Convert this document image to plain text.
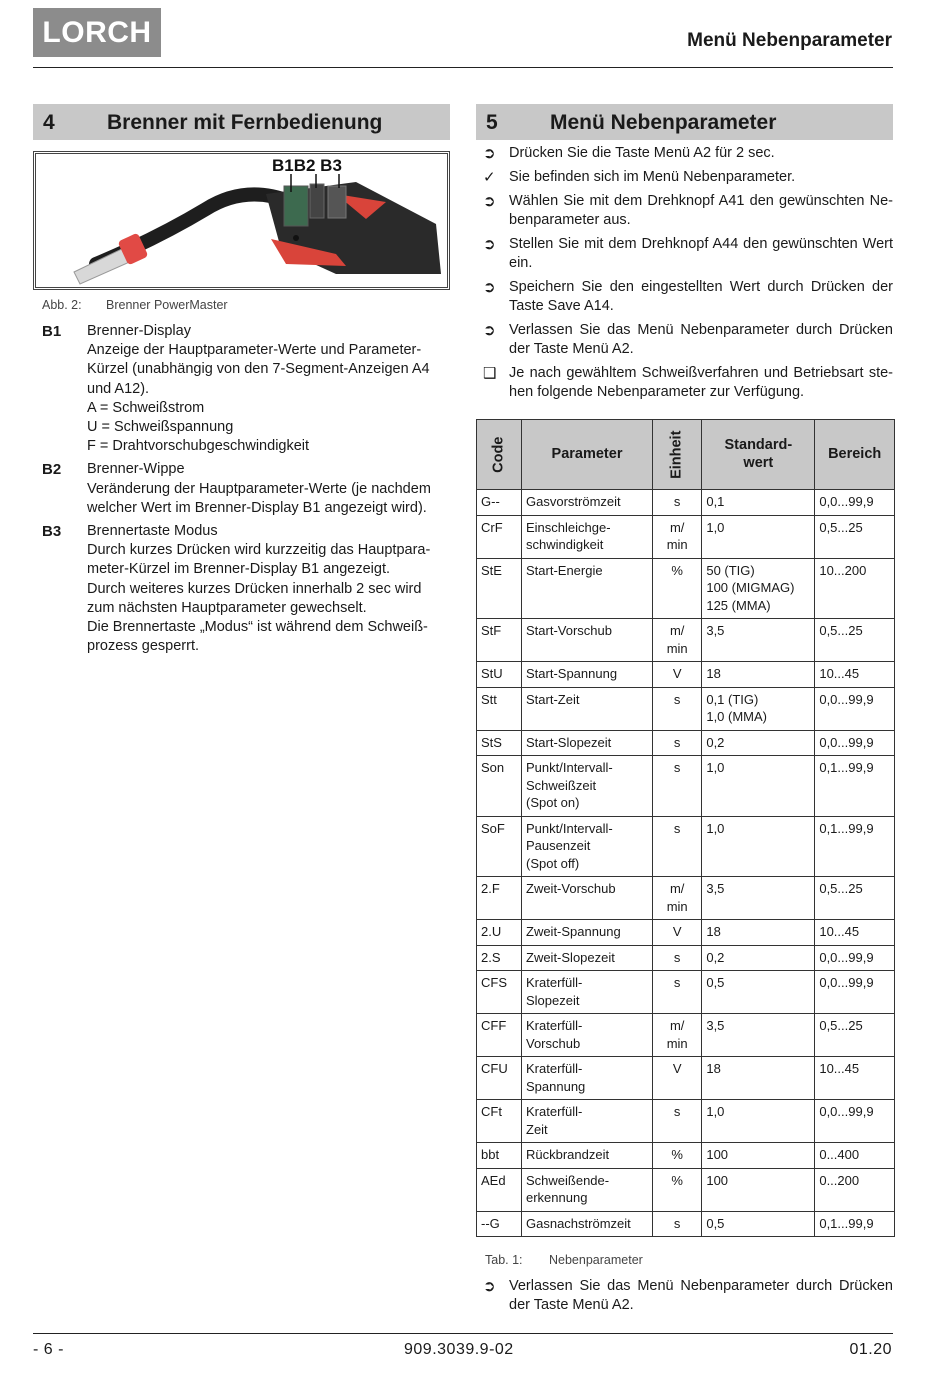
LORCH	Menü Nebenparameter
4 Brenner mit Fernbedienung
B1B2 B3
Abb. 2: Brenner PowerMaster
B1 Brenner-Display
Anzeige der Hauptparameter-Werte und Parameter-
Kürzel (unabhängig von den 7-Segment-Anzeigen A4
und A12).
A = Schweißstrom
U = Schweißspannung
F = Drahtvorschubgeschwindigkeit
B2 Brenner-Wippe
Veränderung der Hauptparameter-Werte (je nachdem
welcher Wert im Brenner-Display B1 angezeigt wird).
B3 Brennertaste Modus
Durch kurzes Drücken wird kurzzeitig das Hauptpara-
meter-Kürzel im Brenner-Display B1 angezeigt.
Durch weiteres kurzes Drücken innerhalb 2 sec wird
zum nächsten Hauptparameter gewechselt.
Die Brennertaste „Modus“ ist während dem Schweiß-
prozess gesperrt.
5 Menü Nebenparameter
➲ Drücken Sie die Taste Menü A2 für 2 sec.
✓ Sie befinden sich im Menü Nebenparameter.
➲ Wählen Sie mit dem Drehknopf A41 den gewünschten Ne-benparameter aus.
➲ Stellen Sie mit dem Drehknopf A44 den gewünschten Wert ein.
➲ Speichern Sie den eingestellten Wert durch Drücken der Taste Save A14.
➲ Verlassen Sie das Menü Nebenparameter durch Drücken der Taste Menü A2.
❑ Je nach gewähltem Schweißverfahren und Betriebsart ste-hen folgende Nebenparameter zur Verfügung.
Code	Parameter	Einheit	Standard-
wert	Bereich
G--	Gasvorströmzeit	s	0,1	0,0...99,9
CrF	Einschleichge-
schwindigkeit	m/
min	1,0	0,5...25
StE	Start-Energie	%	50 (TIG)
100 (MIGMAG)
125 (MMA)	10...200
StF	Start-Vorschub	m/
min	3,5	0,5...25
StU	Start-Spannung	V	18	10...45
Stt	Start-Zeit	s	0,1 (TIG)
1,0 (MMA)	0,0...99,9
StS	Start-Slopezeit	s	0,2	0,0...99,9
Son	Punkt/Intervall-
Schweißzeit
(Spot on)	s	1,0	0,1...99,9
SoF	Punkt/Intervall-
Pausenzeit
(Spot off)	s	1,0	0,1...99,9
2.F	Zweit-Vorschub	m/
min	3,5	0,5...25
2.U	Zweit-Spannung	V	18	10...45
2.S	Zweit-Slopezeit	s	0,2	0,0...99,9
CFS	Kraterfüll-
Slopezeit	s	0,5	0,0...99,9
CFF	Kraterfüll-
Vorschub	m/
min	3,5	0,5...25
CFU	Kraterfüll-
Spannung	V	18	10...45
CFt	Kraterfüll-
Zeit	s	1,0	0,0...99,9
bbt	Rückbrandzeit	%	100	0...400
AEd	Schweißende-
erkennung	%	100	0...200
--G	Gasnachströmzeit	s	0,5	0,1...99,9
Tab. 1: Nebenparameter
➲ Verlassen Sie das Menü Nebenparameter durch Drücken der Taste Menü A2.
- 6 -	909.3039.9-02	01.20
